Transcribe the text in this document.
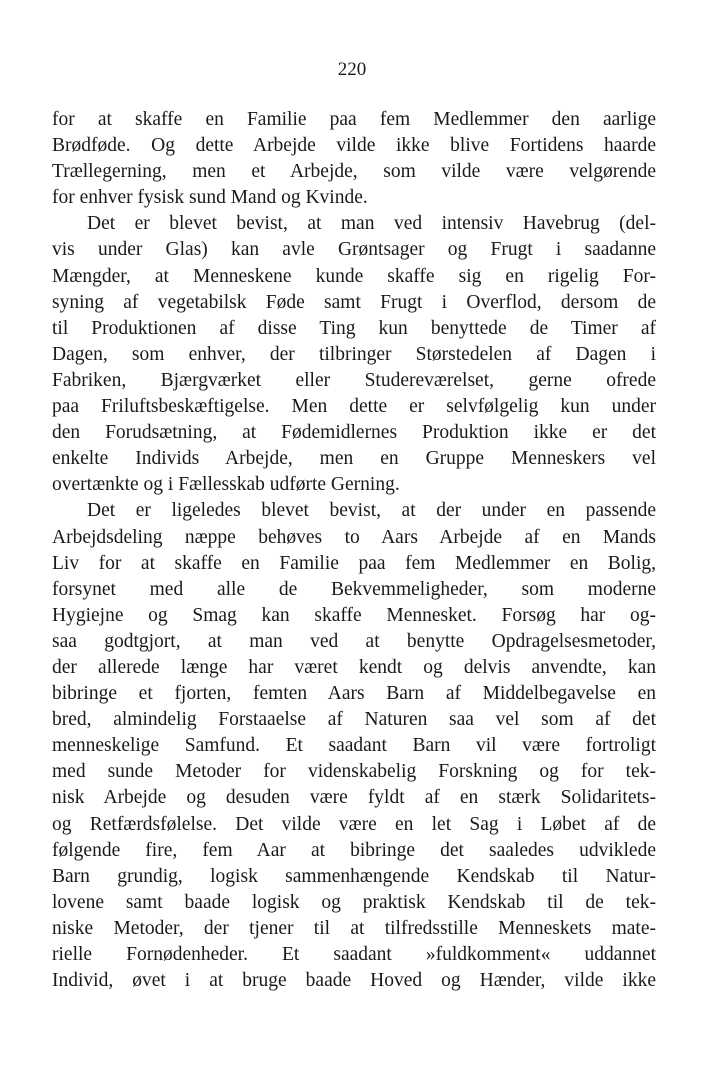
220
for at skaffe en Familie paa fem Medlemmer den aarlige
Brødføde. Og dette Arbejde vilde ikke blive Fortidens haarde
Trællegerning, men et Arbejde, som vilde være velgørende
for enhver fysisk sund Mand og Kvinde.
Det er blevet bevist, at man ved intensiv Havebrug (del-
vis under Glas) kan avle Grøntsager og Frugt i saadanne
Mængder, at Menneskene kunde skaffe sig en rigelig For-
syning af vegetabilsk Føde samt Frugt i Overflod, dersom de
til Produktionen af disse Ting kun benyttede de Timer af
Dagen, som enhver, der tilbringer Størstedelen af Dagen i
Fabriken, Bjærgværket eller Studereværelset, gerne ofrede
paa Friluftsbeskæftigelse. Men dette er selvfølgelig kun under
den Forudsætning, at Fødemidlernes Produktion ikke er det
enkelte Individs Arbejde, men en Gruppe Menneskers vel
overtænkte og i Fællesskab udførte Gerning.
Det er ligeledes blevet bevist, at der under en passende
Arbejdsdeling næppe behøves to Aars Arbejde af en Mands
Liv for at skaffe en Familie paa fem Medlemmer en Bolig,
forsynet med alle de Bekvemmeligheder, som moderne
Hygiejne og Smag kan skaffe Mennesket. Forsøg har og-
saa godtgjort, at man ved at benytte Opdragelsesmetoder,
der allerede længe har været kendt og delvis anvendte, kan
bibringe et fjorten, femten Aars Barn af Middelbegavelse en
bred, almindelig Forstaaelse af Naturen saa vel som af det
menneskelige Samfund. Et saadant Barn vil være fortroligt
med sunde Metoder for videnskabelig Forskning og for tek-
nisk Arbejde og desuden være fyldt af en stærk Solidaritets-
og Retfærdsfølelse. Det vilde være en let Sag i Løbet af de
følgende fire, fem Aar at bibringe det saaledes udviklede
Barn grundig, logisk sammenhængende Kendskab til Natur-
lovene samt baade logisk og praktisk Kendskab til de tek-
niske Metoder, der tjener til at tilfredsstille Menneskets mate-
rielle Fornødenheder. Et saadant »fuldkomment« uddannet
Individ, øvet i at bruge baade Hoved og Hænder, vilde ikke
